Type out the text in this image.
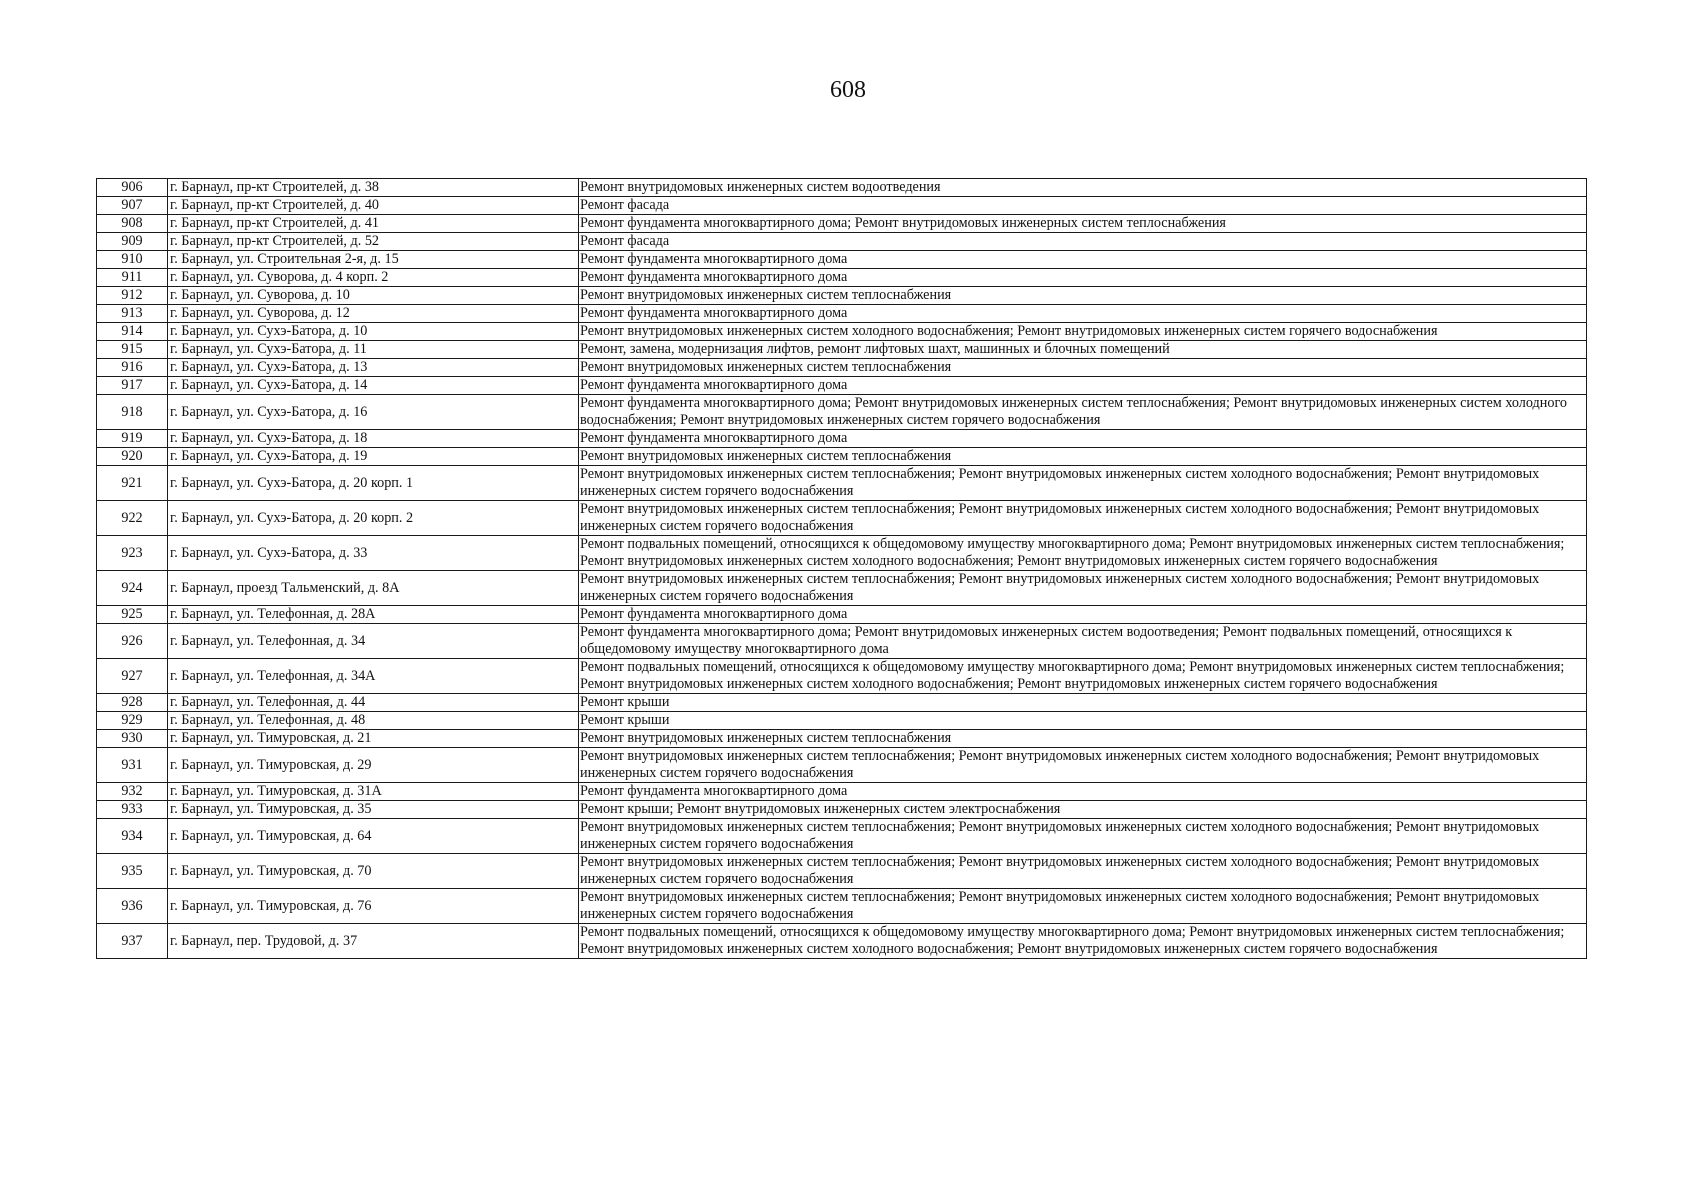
608
906	г. Барнаул, пр-кт Строителей, д. 38	Ремонт внутридомовых инженерных систем водоотведения
907	г. Барнаул, пр-кт Строителей, д. 40	Ремонт фасада
908	г. Барнаул, пр-кт Строителей, д. 41	Ремонт фундамента многоквартирного дома; Ремонт внутридомовых инженерных систем теплоснабжения
909	г. Барнаул, пр-кт Строителей, д. 52	Ремонт фасада
910	г. Барнаул, ул. Строительная 2-я, д. 15	Ремонт фундамента многоквартирного дома
911	г. Барнаул, ул. Суворова, д. 4 корп. 2	Ремонт фундамента многоквартирного дома
912	г. Барнаул, ул. Суворова, д. 10	Ремонт внутридомовых инженерных систем теплоснабжения
913	г. Барнаул, ул. Суворова, д. 12	Ремонт фундамента многоквартирного дома
914	г. Барнаул, ул. Сухэ-Батора, д. 10	Ремонт внутридомовых инженерных систем холодного водоснабжения; Ремонт внутридомовых инженерных систем горячего водоснабжения
915	г. Барнаул, ул. Сухэ-Батора, д. 11	Ремонт, замена, модернизация лифтов, ремонт лифтовых шахт, машинных и блочных помещений
916	г. Барнаул, ул. Сухэ-Батора, д. 13	Ремонт внутридомовых инженерных систем теплоснабжения
917	г. Барнаул, ул. Сухэ-Батора, д. 14	Ремонт фундамента многоквартирного дома
918	г. Барнаул, ул. Сухэ-Батора, д. 16	Ремонт фундамента многоквартирного дома; Ремонт внутридомовых инженерных систем теплоснабжения; Ремонт внутридомовых инженерных систем холодного водоснабжения; Ремонт внутридомовых инженерных систем горячего водоснабжения
919	г. Барнаул, ул. Сухэ-Батора, д. 18	Ремонт фундамента многоквартирного дома
920	г. Барнаул, ул. Сухэ-Батора, д. 19	Ремонт внутридомовых инженерных систем теплоснабжения
921	г. Барнаул, ул. Сухэ-Батора, д. 20 корп. 1	Ремонт внутридомовых инженерных систем теплоснабжения; Ремонт внутридомовых инженерных систем холодного водоснабжения; Ремонт внутридомовых инженерных систем горячего водоснабжения
922	г. Барнаул, ул. Сухэ-Батора, д. 20 корп. 2	Ремонт внутридомовых инженерных систем теплоснабжения; Ремонт внутридомовых инженерных систем холодного водоснабжения; Ремонт внутридомовых инженерных систем горячего водоснабжения
923	г. Барнаул, ул. Сухэ-Батора, д. 33	Ремонт подвальных помещений, относящихся к общедомовому имуществу многоквартирного дома; Ремонт внутридомовых инженерных систем теплоснабжения; Ремонт внутридомовых инженерных систем холодного водоснабжения; Ремонт внутридомовых инженерных систем горячего водоснабжения
924	г. Барнаул, проезд Тальменский, д. 8А	Ремонт внутридомовых инженерных систем теплоснабжения; Ремонт внутридомовых инженерных систем холодного водоснабжения; Ремонт внутридомовых инженерных систем горячего водоснабжения
925	г. Барнаул, ул. Телефонная, д. 28А	Ремонт фундамента многоквартирного дома
926	г. Барнаул, ул. Телефонная, д. 34	Ремонт фундамента многоквартирного дома; Ремонт внутридомовых инженерных систем водоотведения; Ремонт подвальных помещений, относящихся к общедомовому имуществу многоквартирного дома
927	г. Барнаул, ул. Телефонная, д. 34А	Ремонт подвальных помещений, относящихся к общедомовому имуществу многоквартирного дома; Ремонт внутридомовых инженерных систем теплоснабжения; Ремонт внутридомовых инженерных систем холодного водоснабжения; Ремонт внутридомовых инженерных систем горячего водоснабжения
928	г. Барнаул, ул. Телефонная, д. 44	Ремонт крыши
929	г. Барнаул, ул. Телефонная, д. 48	Ремонт крыши
930	г. Барнаул, ул. Тимуровская, д. 21	Ремонт внутридомовых инженерных систем теплоснабжения
931	г. Барнаул, ул. Тимуровская, д. 29	Ремонт внутридомовых инженерных систем теплоснабжения; Ремонт внутридомовых инженерных систем холодного водоснабжения; Ремонт внутридомовых инженерных систем горячего водоснабжения
932	г. Барнаул, ул. Тимуровская, д. 31А	Ремонт фундамента многоквартирного дома
933	г. Барнаул, ул. Тимуровская, д. 35	Ремонт крыши; Ремонт внутридомовых инженерных систем электроснабжения
934	г. Барнаул, ул. Тимуровская, д. 64	Ремонт внутридомовых инженерных систем теплоснабжения; Ремонт внутридомовых инженерных систем холодного водоснабжения; Ремонт внутридомовых инженерных систем горячего водоснабжения
935	г. Барнаул, ул. Тимуровская, д. 70	Ремонт внутридомовых инженерных систем теплоснабжения; Ремонт внутридомовых инженерных систем холодного водоснабжения; Ремонт внутридомовых инженерных систем горячего водоснабжения
936	г. Барнаул, ул. Тимуровская, д. 76	Ремонт внутридомовых инженерных систем теплоснабжения; Ремонт внутридомовых инженерных систем холодного водоснабжения; Ремонт внутридомовых инженерных систем горячего водоснабжения
937	г. Барнаул, пер. Трудовой, д. 37	Ремонт подвальных помещений, относящихся к общедомовому имуществу многоквартирного дома; Ремонт внутридомовых инженерных систем теплоснабжения; Ремонт внутридомовых инженерных систем холодного водоснабжения; Ремонт внутридомовых инженерных систем горячего водоснабжения
